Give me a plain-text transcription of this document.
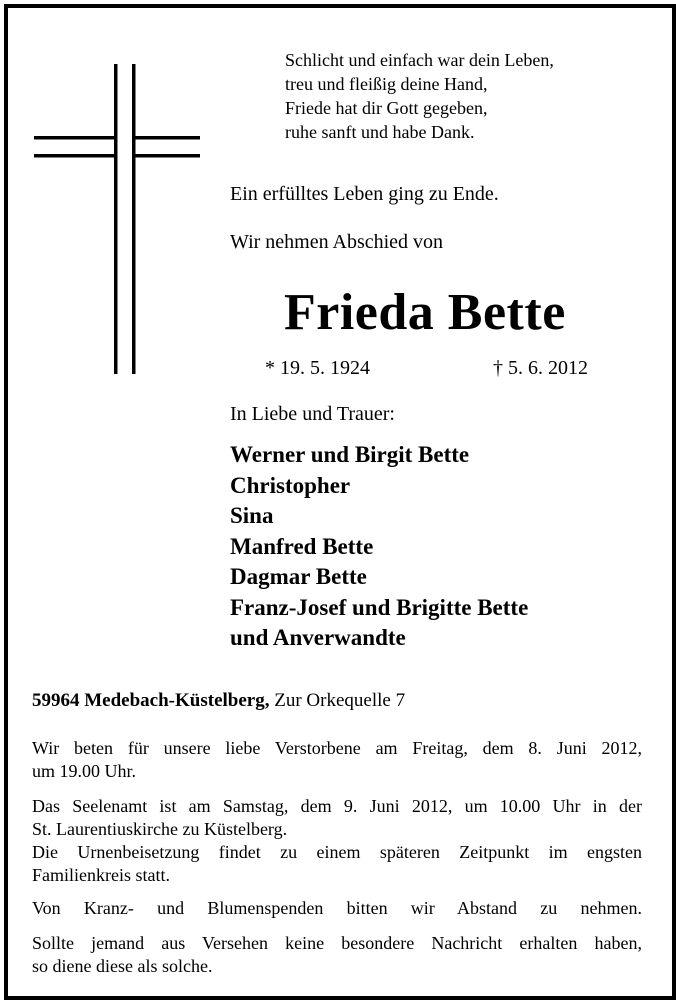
Schlicht und einfach war dein Leben,
treu und fleißig deine Hand,
Friede hat dir Gott gegeben,
ruhe sanft und habe Dank.
Ein erfülltes Leben ging zu Ende.
Wir nehmen Abschied von
Frieda Bette
* 19. 5. 1924	† 5. 6. 2012
In Liebe und Trauer:
Werner und Birgit Bette
Christopher
Sina
Manfred Bette
Dagmar Bette
Franz-Josef und Brigitte Bette
und Anverwandte
59964 Medebach-Küstelberg, Zur Orkequelle 7
Wir beten für unsere liebe Verstorbene am Freitag, dem 8. Juni 2012,
um 19.00 Uhr.
Das Seelenamt ist am Samstag, dem 9. Juni 2012, um 10.00 Uhr in der
St. Laurentiuskirche zu Küstelberg.
Die Urnenbeisetzung findet zu einem späteren Zeitpunkt im engsten
Familienkreis statt.
Von Kranz- und Blumenspenden bitten wir Abstand zu nehmen.
Sollte jemand aus Versehen keine besondere Nachricht erhalten haben,
so diene diese als solche.
